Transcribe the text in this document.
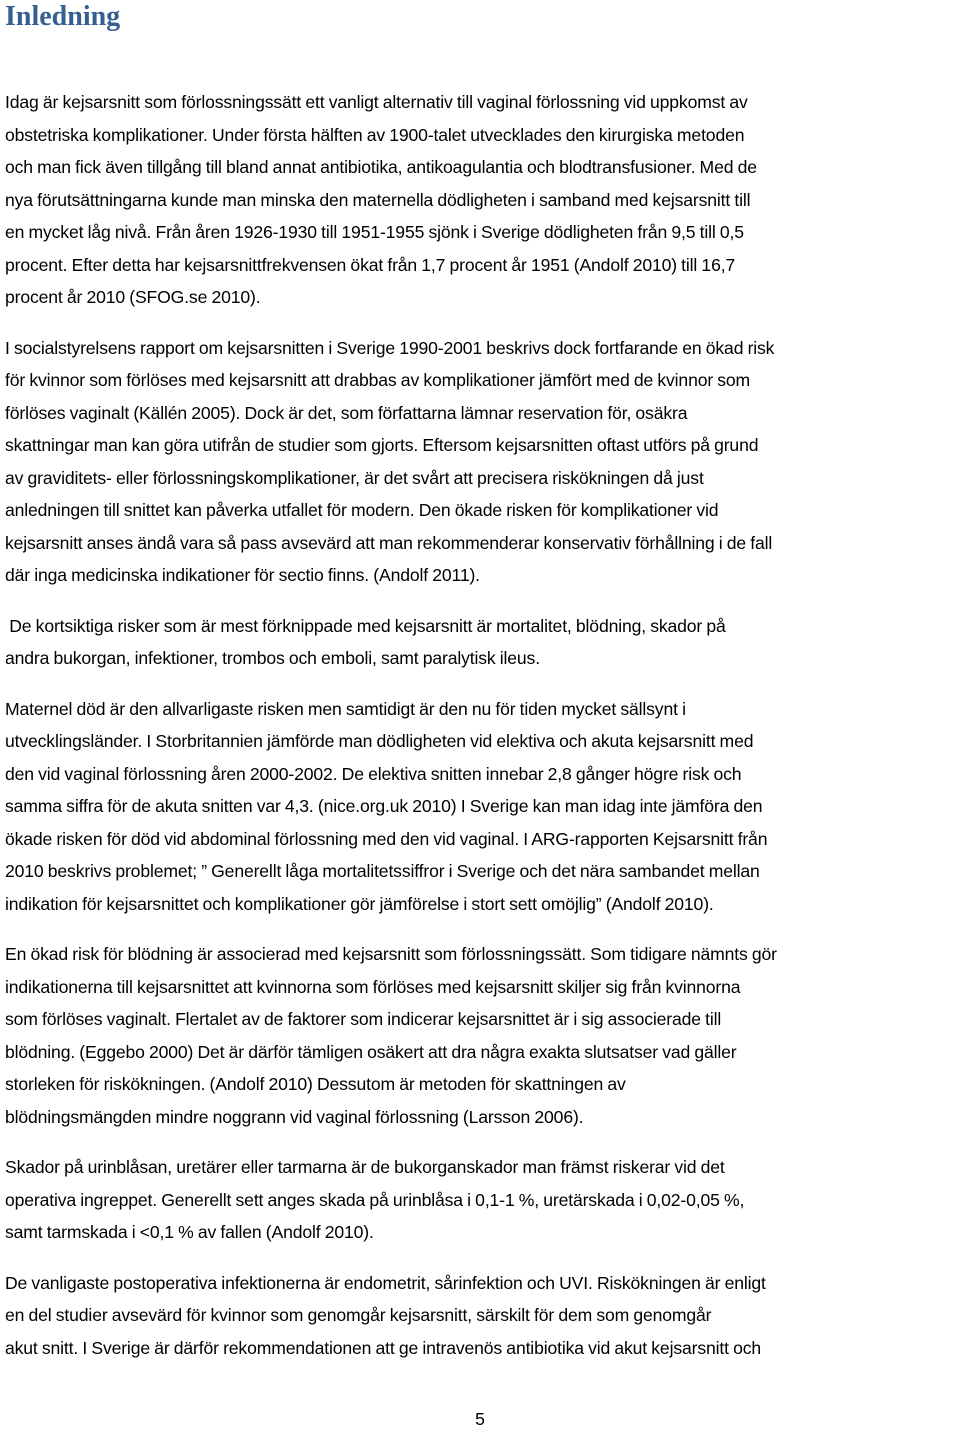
Inledning

Idag är kejsarsnitt som förlossningssätt ett vanligt alternativ till vaginal förlossning vid uppkomst av
obstetriska komplikationer. Under första hälften av 1900-talet utvecklades den kirurgiska metoden
och man fick även tillgång till bland annat antibiotika, antikoagulantia och blodtransfusioner. Med de
nya förutsättningarna kunde man minska den maternella dödligheten i samband med kejsarsnitt till
en mycket låg nivå. Från åren 1926-1930 till 1951-1955 sjönk i Sverige dödligheten från 9,5 till 0,5
procent. Efter detta har kejsarsnittfrekvensen ökat från 1,7 procent år 1951 (Andolf 2010) till 16,7
procent år 2010 (SFOG.se 2010).

I socialstyrelsens rapport om kejsarsnitten i Sverige 1990-2001 beskrivs dock fortfarande en ökad risk
för kvinnor som förlöses med kejsarsnitt att drabbas av komplikationer jämfört med de kvinnor som
förlöses vaginalt (Källén 2005). Dock är det, som författarna lämnar reservation för, osäkra
skattningar man kan göra utifrån de studier som gjorts. Eftersom kejsarsnitten oftast utförs på grund
av graviditets- eller förlossningskomplikationer, är det svårt att precisera riskökningen då just
anledningen till snittet kan påverka utfallet för modern. Den ökade risken för komplikationer vid
kejsarsnitt anses ändå vara så pass avsevärd att man rekommenderar konservativ förhållning i de fall
där inga medicinska indikationer för sectio finns. (Andolf 2011).

De kortsiktiga risker som är mest förknippade med kejsarsnitt är mortalitet, blödning, skador på
andra bukorgan, infektioner, trombos och emboli, samt paralytisk ileus.

Maternel död är den allvarligaste risken men samtidigt är den nu för tiden mycket sällsynt i
utvecklingsländer. I Storbritannien jämförde man dödligheten vid elektiva och akuta kejsarsnitt med
den vid vaginal förlossning åren 2000-2002. De elektiva snitten innebar 2,8 gånger högre risk och
samma siffra för de akuta snitten var 4,3. (nice.org.uk 2010) I Sverige kan man idag inte jämföra den
ökade risken för död vid abdominal förlossning med den vid vaginal. I ARG-rapporten Kejsarsnitt från
2010 beskrivs problemet; ” Generellt låga mortalitetssiffror i Sverige och det nära sambandet mellan
indikation för kejsarsnittet och komplikationer gör jämförelse i stort sett omöjlig” (Andolf 2010).

En ökad risk för blödning är associerad med kejsarsnitt som förlossningssätt. Som tidigare nämnts gör
indikationerna till kejsarsnittet att kvinnorna som förlöses med kejsarsnitt skiljer sig från kvinnorna
som förlöses vaginalt. Flertalet av de faktorer som indicerar kejsarsnittet är i sig associerade till
blödning. (Eggebo 2000) Det är därför tämligen osäkert att dra några exakta slutsatser vad gäller
storleken för riskökningen. (Andolf 2010) Dessutom är metoden för skattningen av
blödningsmängden mindre noggrann vid vaginal förlossning (Larsson 2006).

Skador på urinblåsan, uretärer eller tarmarna är de bukorganskador man främst riskerar vid det
operativa ingreppet. Generellt sett anges skada på urinblåsa i 0,1-1 %, uretärskada i 0,02-0,05 %,
samt tarmskada i <0,1 % av fallen (Andolf 2010).

De vanligaste postoperativa infektionerna är endometrit, sårinfektion och UVI. Riskökningen är enligt
en del studier avsevärd för kvinnor som genomgår kejsarsnitt, särskilt för dem som genomgår
akut snitt. I Sverige är därför rekommendationen att ge intravenös antibiotika vid akut kejsarsnitt och

5
